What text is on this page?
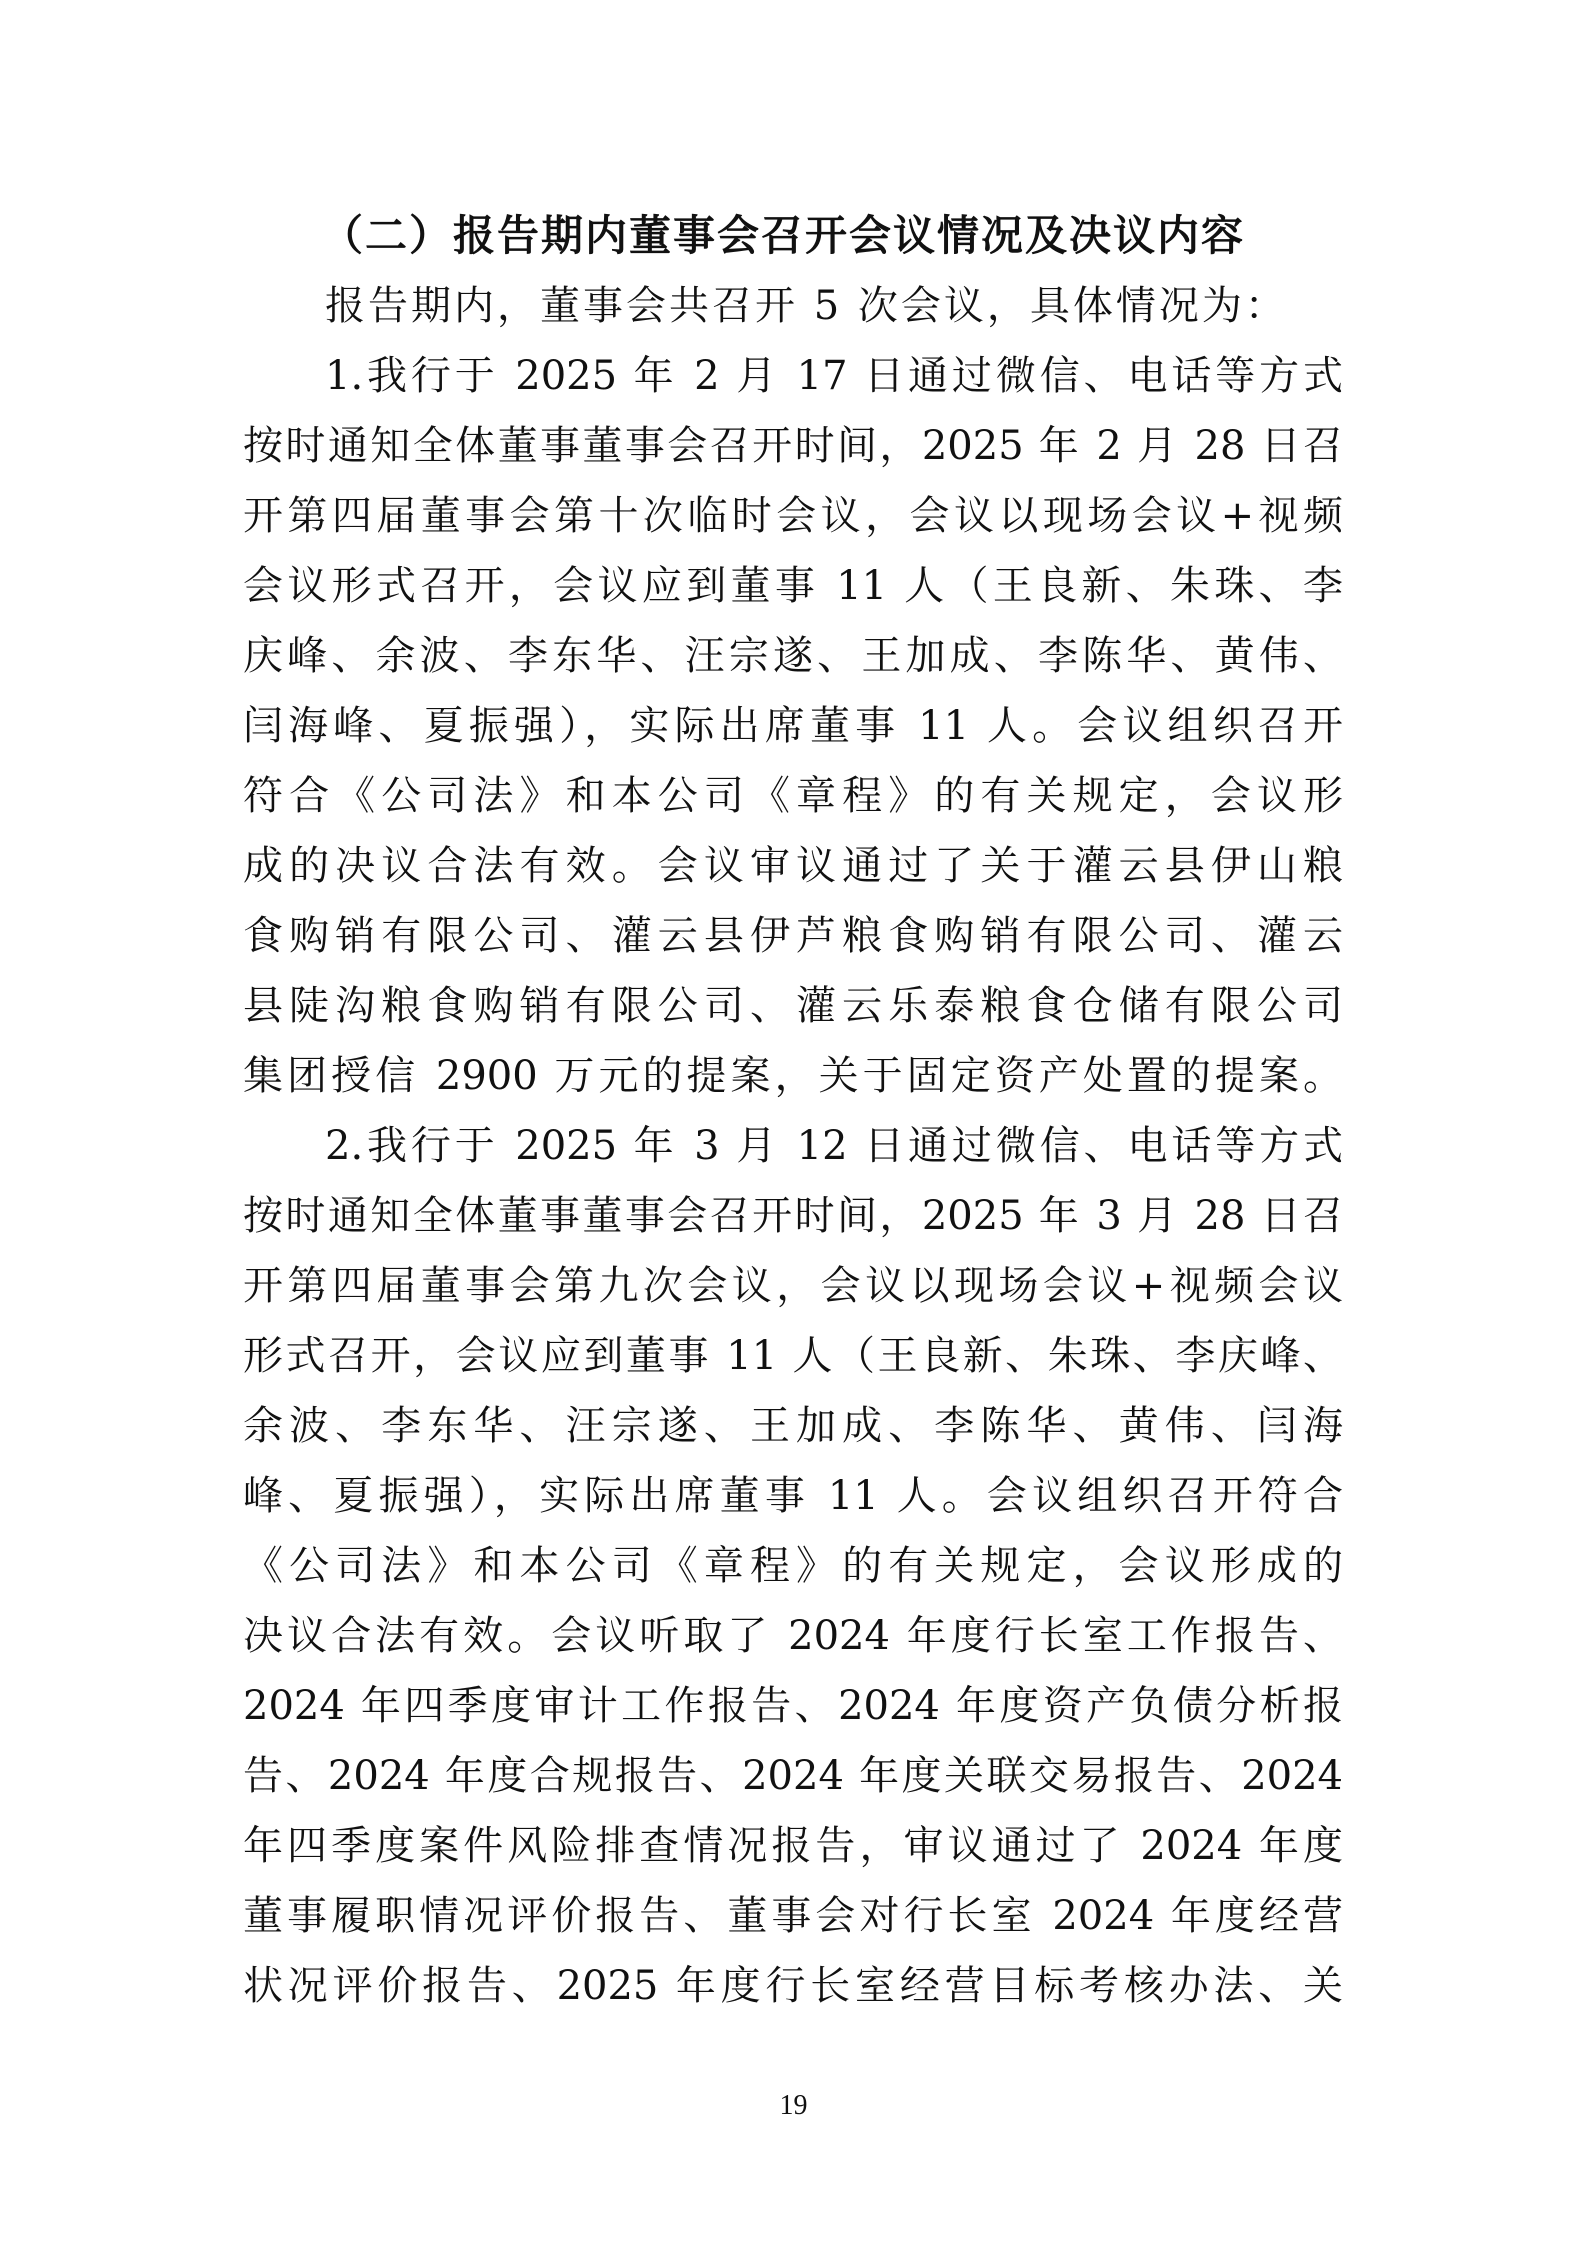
（二）报告期内董事会召开会议情况及决议内容
报告期内，董事会共召开 5 次会议，具体情况为：
1.我行于 2025 年 2 月 17 日通过微信、电话等方式
按时通知全体董事董事会召开时间，2025 年 2 月 28 日召
开第四届董事会第十次临时会议，会议以现场会议+视频
会议形式召开，会议应到董事 11 人（王良新、朱珠、李
庆峰、余波、李东华、汪宗遂、王加成、李陈华、黄伟、
闫海峰、夏振强），实际出席董事 11 人。会议组织召开
符合《公司法》和本公司《章程》的有关规定，会议形
成的决议合法有效。会议审议通过了关于灌云县伊山粮
食购销有限公司、灌云县伊芦粮食购销有限公司、灌云
县陡沟粮食购销有限公司、灌云乐泰粮食仓储有限公司
集团授信 2900 万元的提案，关于固定资产处置的提案。
2.我行于 2025 年 3 月 12 日通过微信、电话等方式
按时通知全体董事董事会召开时间，2025 年 3 月 28 日召
开第四届董事会第九次会议，会议以现场会议+视频会议
形式召开，会议应到董事 11 人（王良新、朱珠、李庆峰、
余波、李东华、汪宗遂、王加成、李陈华、黄伟、闫海
峰、夏振强），实际出席董事 11 人。会议组织召开符合
《公司法》和本公司《章程》的有关规定，会议形成的
决议合法有效。会议听取了 2024 年度行长室工作报告、
2024 年四季度审计工作报告、2024 年度资产负债分析报
告、2024 年度合规报告、2024 年度关联交易报告、2024
年四季度案件风险排查情况报告，审议通过了 2024 年度
董事履职情况评价报告、董事会对行长室 2024 年度经营
状况评价报告、2025 年度行长室经营目标考核办法、关
19
